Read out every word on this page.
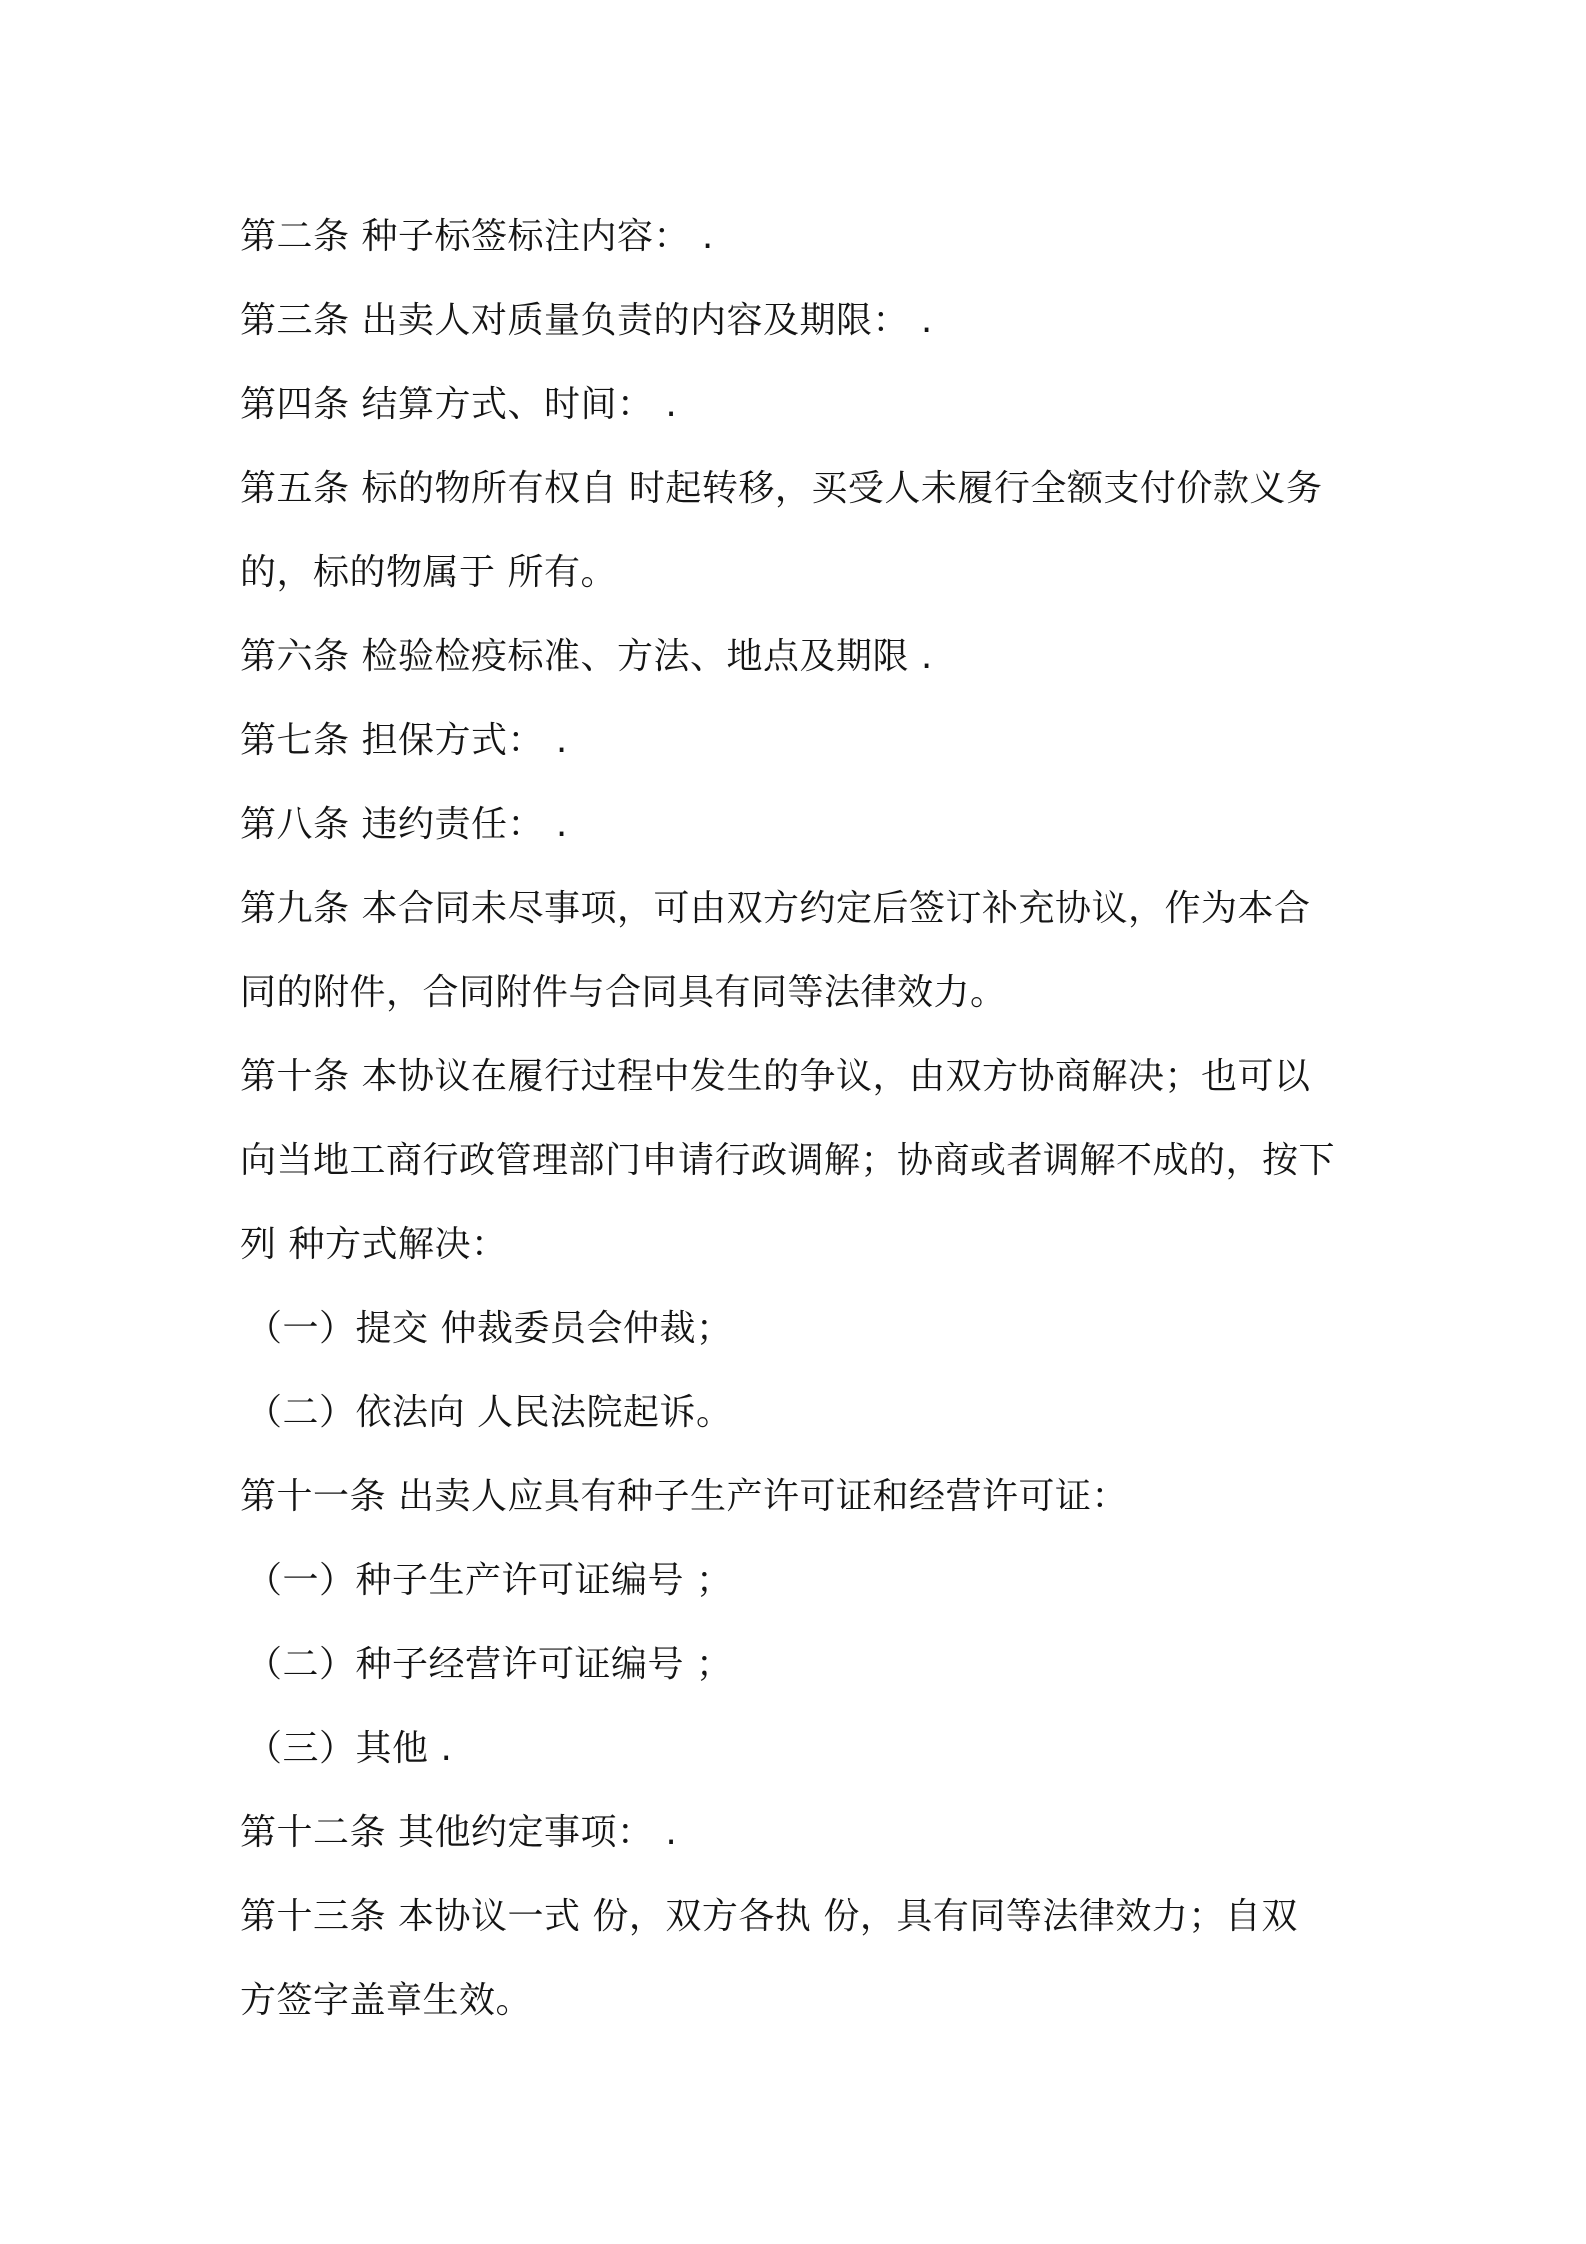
第二条 种子标签标注内容： .
第三条 出卖人对质量负责的内容及期限： .
第四条 结算方式、时间： .
第五条 标的物所有权自 时起转移，买受人未履行全额支付价款义务
的，标的物属于 所有。
第六条 检验检疫标准、方法、地点及期限 .
第七条 担保方式： .
第八条 违约责任： .
第九条 本合同未尽事项，可由双方约定后签订补充协议，作为本合
同的附件，合同附件与合同具有同等法律效力。
第十条 本协议在履行过程中发生的争议，由双方协商解决；也可以
向当地工商行政管理部门申请行政调解；协商或者调解不成的，按下
列 种方式解决：
（一）提交 仲裁委员会仲裁；
（二）依法向 人民法院起诉。
第十一条 出卖人应具有种子生产许可证和经营许可证：
（一）种子生产许可证编号 ；
（二）种子经营许可证编号 ；
（三）其他 .
第十二条 其他约定事项： .
第十三条 本协议一式 份，双方各执 份，具有同等法律效力；自双
方签字盖章生效。
